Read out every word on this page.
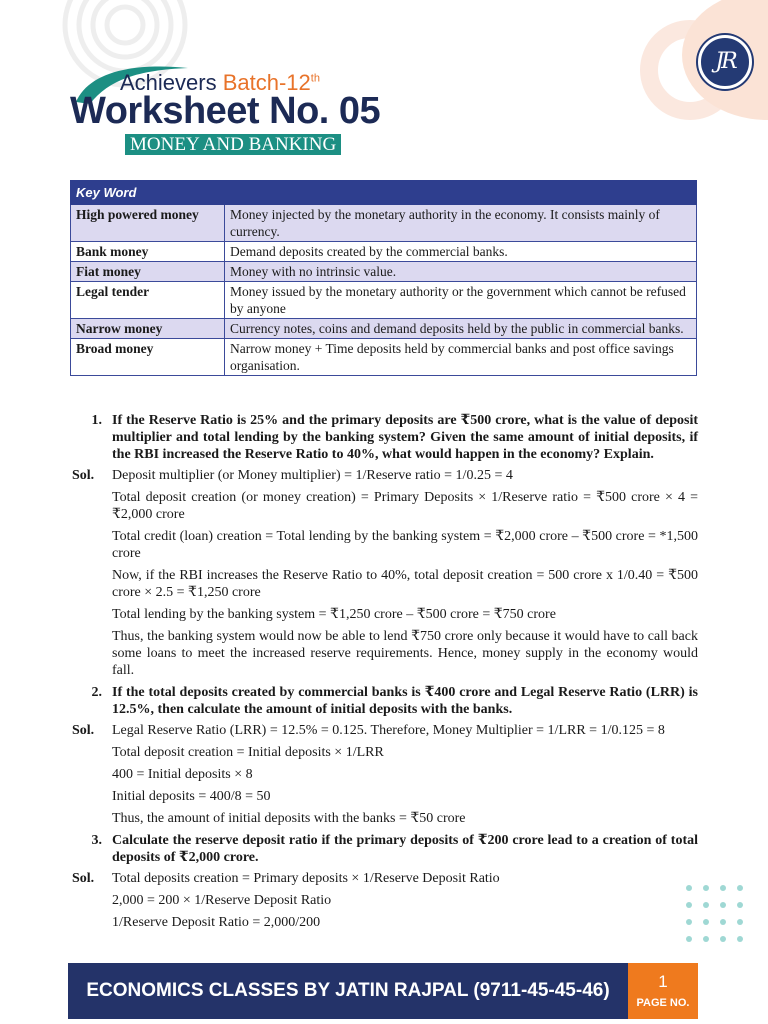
JR
Achievers Batch-12th
Worksheet No. 05
MONEY AND BANKING
Key Word	
High powered money	Money injected by the monetary authority in the economy. It consists mainly of currency.
Bank money	Demand deposits created by the commercial banks.
Fiat money	Money with no intrinsic value.
Legal tender	Money issued by the monetary authority or the government which cannot be refused by anyone
Narrow money	Currency notes, coins and demand deposits held by the public in commercial banks.
Broad money	Narrow money + Time deposits held by commercial banks and post office savings organisation.
1. If the Reserve Ratio is 25% and the primary deposits are ₹500 crore, what is the value of deposit multiplier and total lending by the banking system? Given the same amount of initial deposits, if the RBI increased the Reserve Ratio to 40%, what would happen in the economy? Explain.
Sol.	Deposit multiplier (or Money multiplier) = 1/Reserve ratio = 1/0.25 = 4
Total deposit creation (or money creation) = Primary Deposits × 1/Reserve ratio = ₹500 crore × 4 = ₹2,000 crore
Total credit (loan) creation = Total lending by the banking system = ₹2,000 crore – ₹500 crore = *1,500 crore
Now, if the RBI increases the Reserve Ratio to 40%, total deposit creation = 500 crore x 1/0.40 = ₹500 crore × 2.5 = ₹1,250 crore
Total lending by the banking system = ₹1,250 crore – ₹500 crore = ₹750 crore
Thus, the banking system would now be able to lend ₹750 crore only because it would have to call back some loans to meet the increased reserve requirements. Hence, money supply in the economy would fall.
2. If the total deposits created by commercial banks is ₹400 crore and Legal Reserve Ratio (LRR) is 12.5%, then calculate the amount of initial deposits with the banks.
Sol.	Legal Reserve Ratio (LRR) = 12.5% = 0.125. Therefore, Money Multiplier = 1/LRR = 1/0.125 = 8
Total deposit creation = Initial deposits × 1/LRR
400 = Initial deposits × 8
Initial deposits = 400/8 = 50
Thus, the amount of initial deposits with the banks = ₹50 crore
3. Calculate the reserve deposit ratio if the primary deposits of ₹200 crore lead to a creation of total deposits of ₹2,000 crore.
Sol.	Total deposits creation = Primary deposits × 1/Reserve Deposit Ratio
2,000 = 200 × 1/Reserve Deposit Ratio
1/Reserve Deposit Ratio = 2,000/200
ECONOMICS CLASSES BY JATIN RAJPAL (9711-45-45-46)	1
PAGE NO.
